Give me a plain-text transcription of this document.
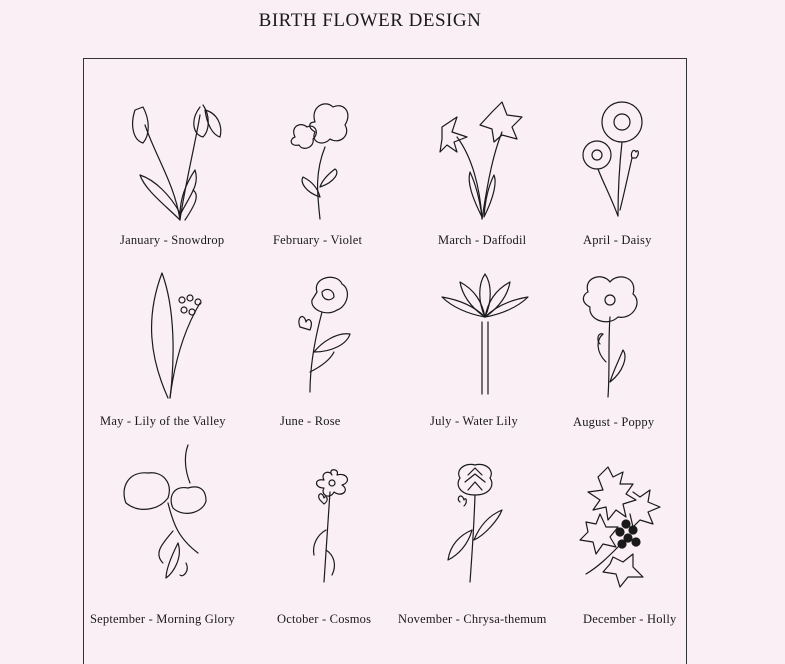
BIRTH FLOWER DESIGN
January - Snowdrop	February - Violet	March - Daffodil	April - Daisy
May - Lily of the Valley	June - Rose	July - Water Lily	August - Poppy
September - Morning Glory	October - Cosmos November - Chrysa-themum	December - Holly
